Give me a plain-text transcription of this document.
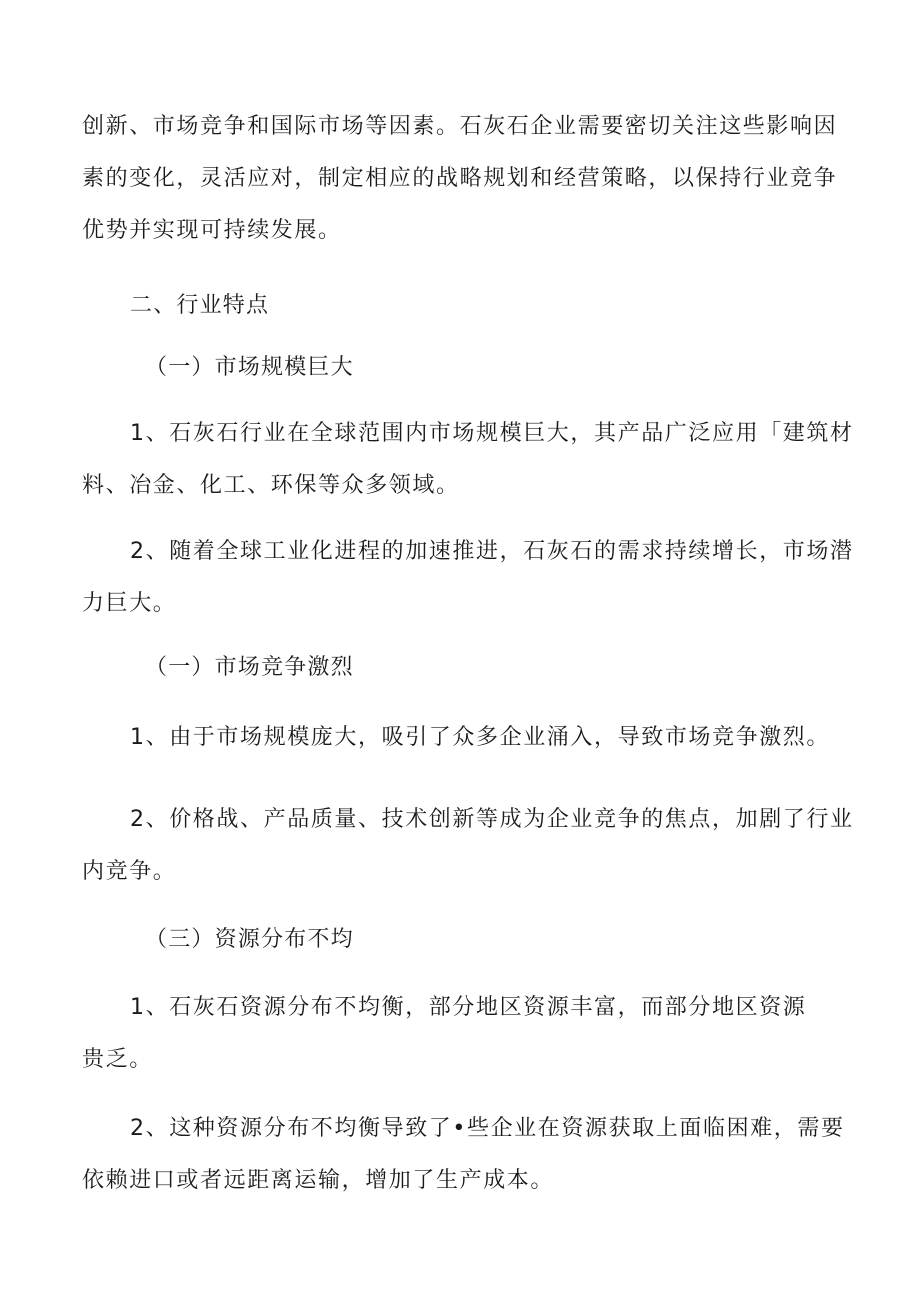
创新、市场竞争和国际市场等因素。石灰石企业需要密切关注这些影响因
素的变化，灵活应对，制定相应的战略规划和经营策略，以保持行业竞争
优势并实现可持续发展。
二、行业特点
（一）市场规模巨大
1、石灰石行业在全球范围内市场规模巨大，其产品广泛应用「建筑材
料、冶金、化工、环保等众多领域。
2、随着全球工业化进程的加速推进，石灰石的需求持续增长，市场潜
力巨大。
（一）市场竞争激烈
1、由于市场规模庞大，吸引了众多企业涌入，导致市场竞争激烈。
2、价格战、产品质量、技术创新等成为企业竞争的焦点，加剧了行业
内竞争。
（三）资源分布不均
1、石灰石资源分布不均衡，部分地区资源丰富，而部分地区资源
贵乏。
2、这种资源分布不均衡导致了•些企业在资源获取上面临困难，需要
依赖进口或者远距离运输，增加了生产成本。
